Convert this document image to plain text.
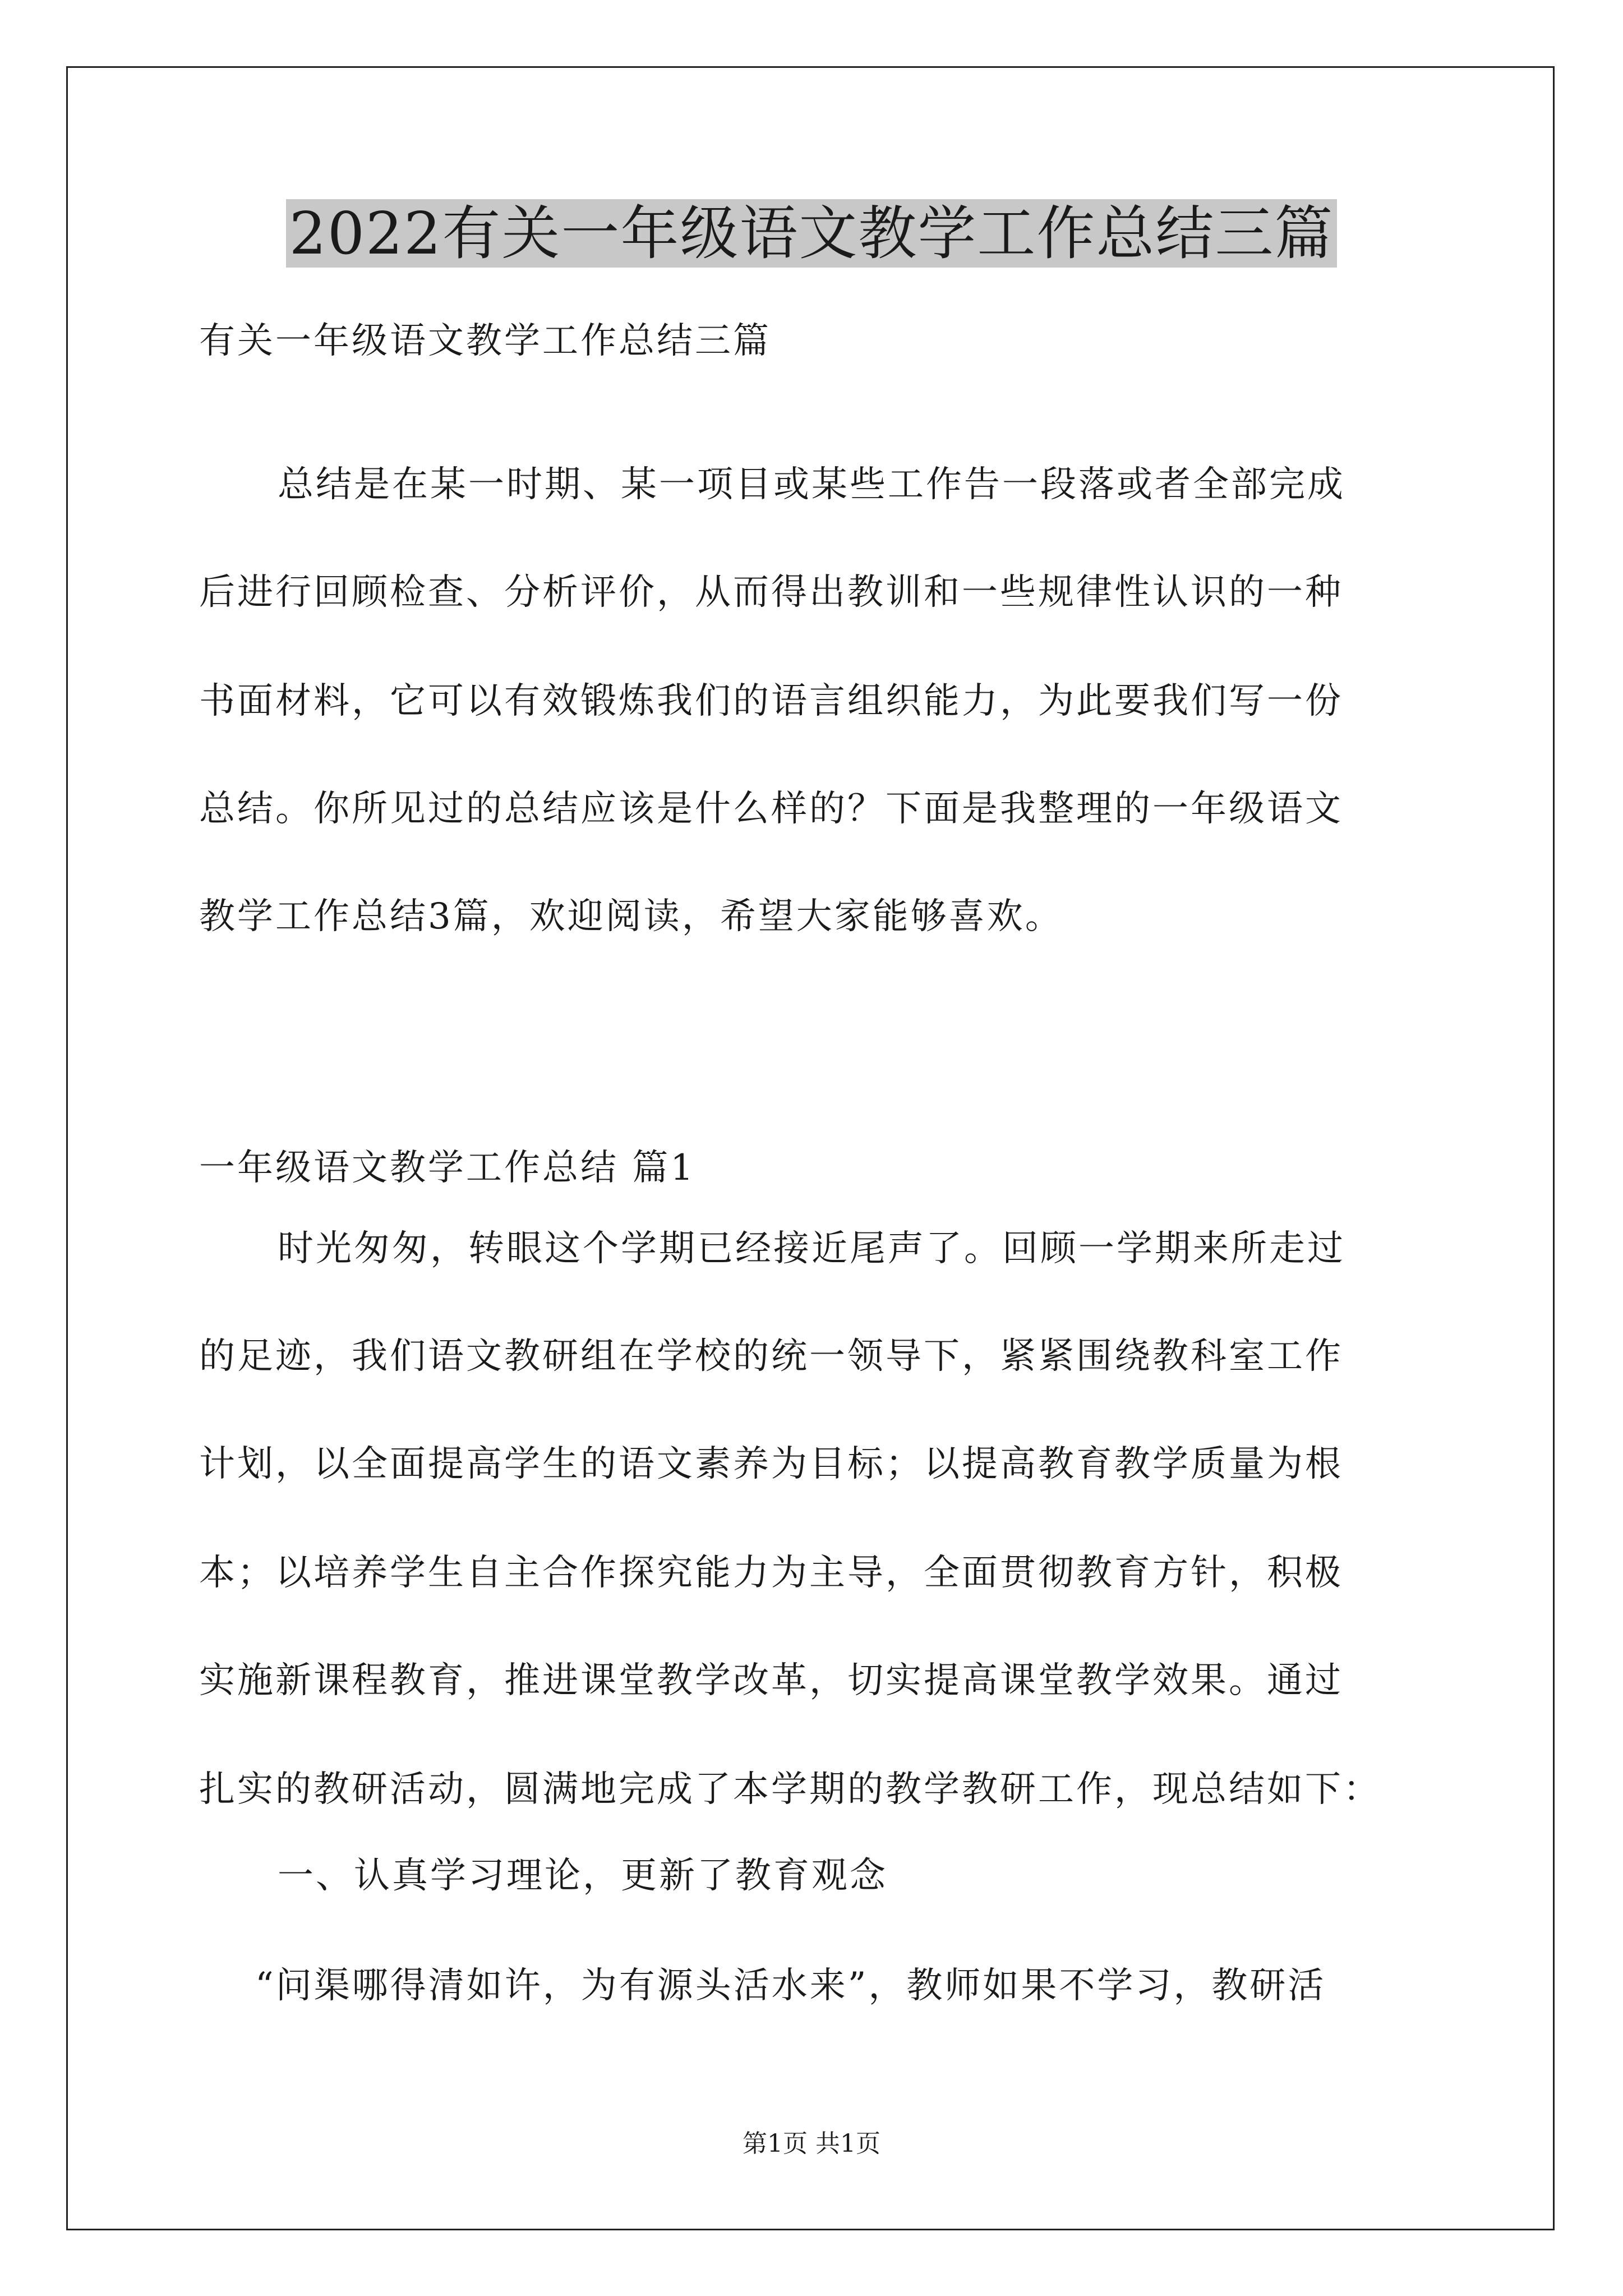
2022有关一年级语文教学工作总结三篇
有关一年级语文教学工作总结三篇
总结是在某一时期、某一项目或某些工作告一段落或者全部完成
后进行回顾检查、分析评价，从而得出教训和一些规律性认识的一种
书面材料，它可以有效锻炼我们的语言组织能力，为此要我们写一份
总结。你所见过的总结应该是什么样的？下面是我整理的一年级语文
教学工作总结3篇，欢迎阅读，希望大家能够喜欢。
一年级语文教学工作总结 篇1
时光匆匆，转眼这个学期已经接近尾声了。回顾一学期来所走过
的足迹，我们语文教研组在学校的统一领导下，紧紧围绕教科室工作
计划，以全面提高学生的语文素养为目标；以提高教育教学质量为根
本；以培养学生自主合作探究能力为主导，全面贯彻教育方针，积极
实施新课程教育，推进课堂教学改革，切实提高课堂教学效果。通过
扎实的教研活动，圆满地完成了本学期的教学教研工作，现总结如下：
一、认真学习理论，更新了教育观念
“问渠哪得清如许，为有源头活水来”，教师如果不学习，教研活
第1页 共1页
